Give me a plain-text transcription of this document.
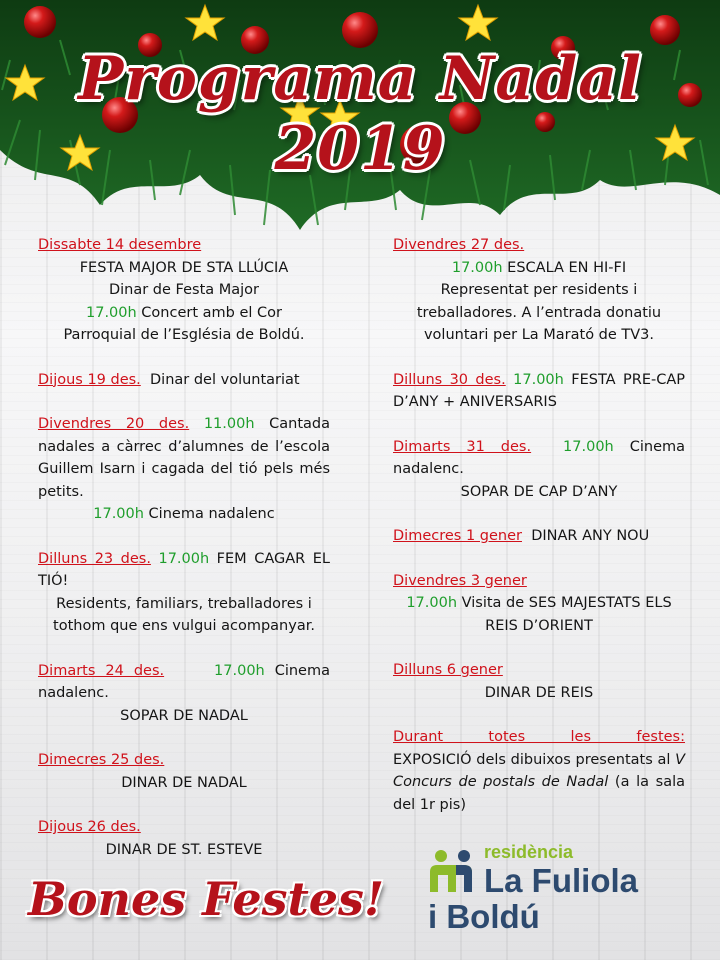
Programa Nadal 2019
Dissabte 14 desembre
FESTA MAJOR DE STA LLÚCIA
Dinar de Festa Major
17.00h Concert amb el Cor
Parroquial de l’Església de Boldú.
Dijous 19 des.  Dinar del voluntariat
Divendres 20 des. 11.00h Cantada nadales a càrrec d’alumnes de l’escola Guillem Isarn i cagada del tió pels més petits.
17.00h Cinema nadalenc
Dilluns 23 des. 17.00h FEM CAGAR EL TIÓ!
Residents, familiars, treballadores i tothom que ens vulgui acompanyar.
Dimarts 24 des.	17.00h Cinema nadalenc.
SOPAR DE NADAL
Dimecres 25 des.
DINAR DE NADAL
Dijous 26 des.
DINAR DE ST. ESTEVE
Divendres 27 des.
17.00h ESCALA EN HI-FI
Representat per residents i treballadores. A l’entrada donatiu voluntari per La Marató de TV3.
Dilluns 30 des. 17.00h FESTA PRE-CAP D’ANY + ANIVERSARIS
Dimarts 31 des. 17.00h Cinema nadalenc.
SOPAR DE CAP D’ANY
Dimecres 1 gener  DINAR ANY NOU
Divendres 3 gener
17.00h Visita de SES MAJESTATS ELS REIS D’ORIENT
Dilluns 6 gener
DINAR DE REIS
Durant totes les festes:
EXPOSICIÓ dels dibuixos presentats al V Concurs de postals de Nadal (a la sala del 1r pis)
Bones Festes!
residència
La Fuliola
i Boldú
